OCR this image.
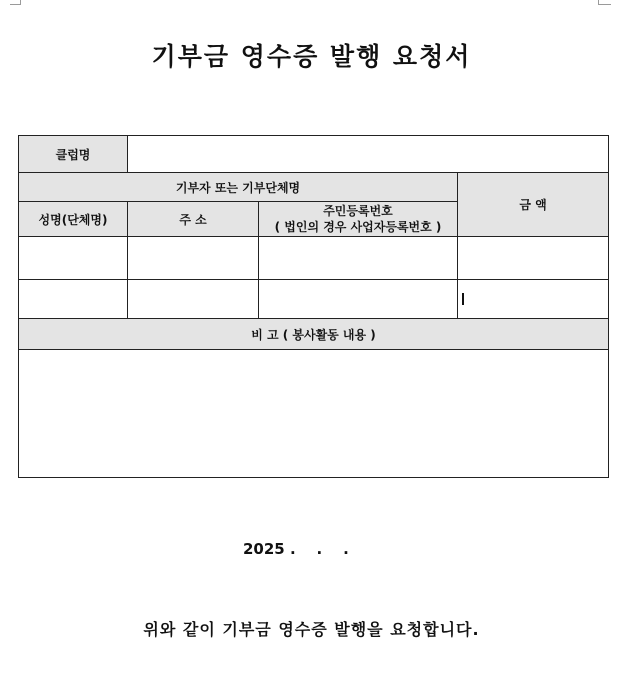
기부금 영수증 발행 요청서
클럽명
기부자 또는 기부단체명
금 액
성명(단체명)	주 소
주민등록번호
( 법인의 경우 사업자등록번호 )
비 고 ( 봉사활동 내용 )
2025 .    .    .
위와 같이 기부금 영수증 발행을 요청합니다.
